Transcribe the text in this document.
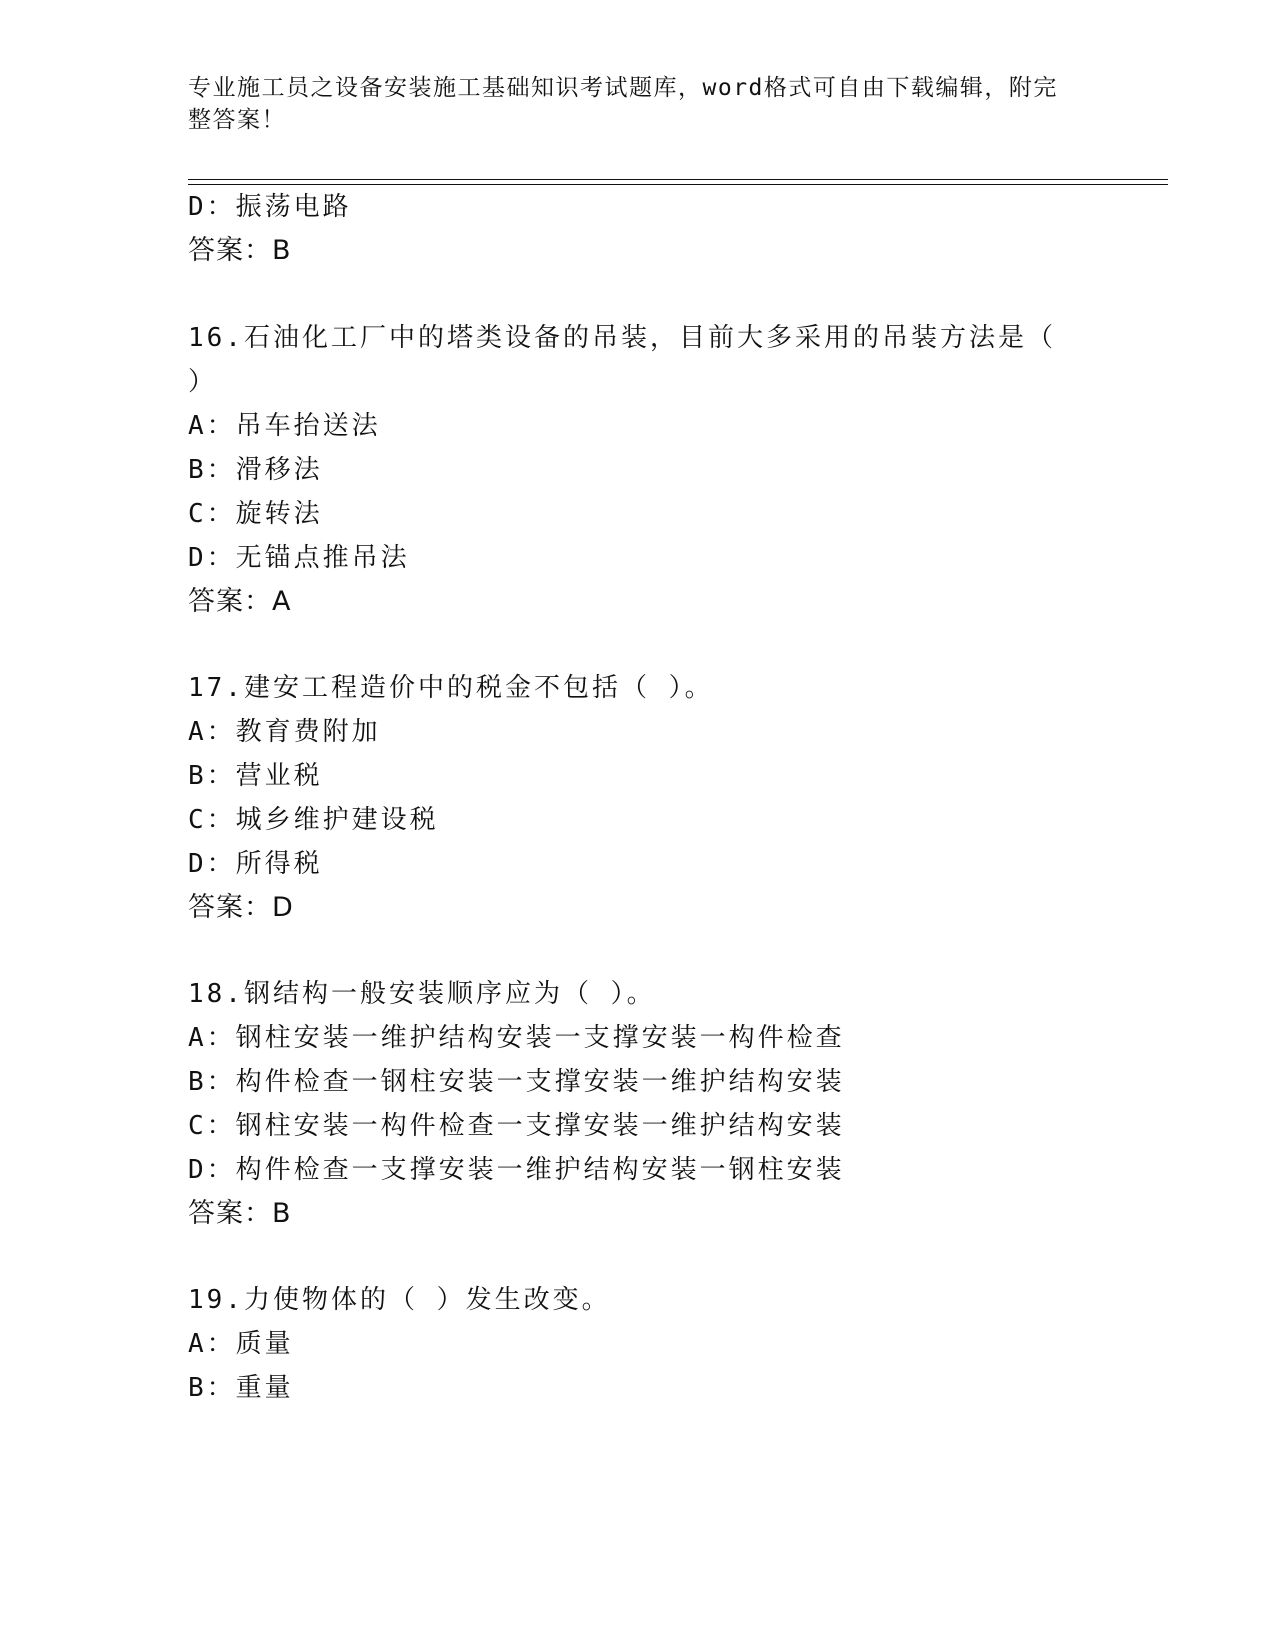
专业施工员之设备安装施工基础知识考试题库，word格式可自由下载编辑，附完
整答案！
D：振荡电路
答案：B
16.石油化工厂中的塔类设备的吊装，目前大多采用的吊装方法是（
）
A：吊车抬送法
B：滑移法
C：旋转法
D：无锚点推吊法
答案：A
17.建安工程造价中的税金不包括（ ）。
A：教育费附加
B：营业税
C：城乡维护建设税
D：所得税
答案：D
18.钢结构一般安装顺序应为（ ）。
A：钢柱安装一维护结构安装一支撑安装一构件检查
B：构件检查一钢柱安装一支撑安装一维护结构安装
C：钢柱安装一构件检查一支撑安装一维护结构安装
D：构件检查一支撑安装一维护结构安装一钢柱安装
答案：B
19.力使物体的（ ）发生改变。
A：质量
B：重量
